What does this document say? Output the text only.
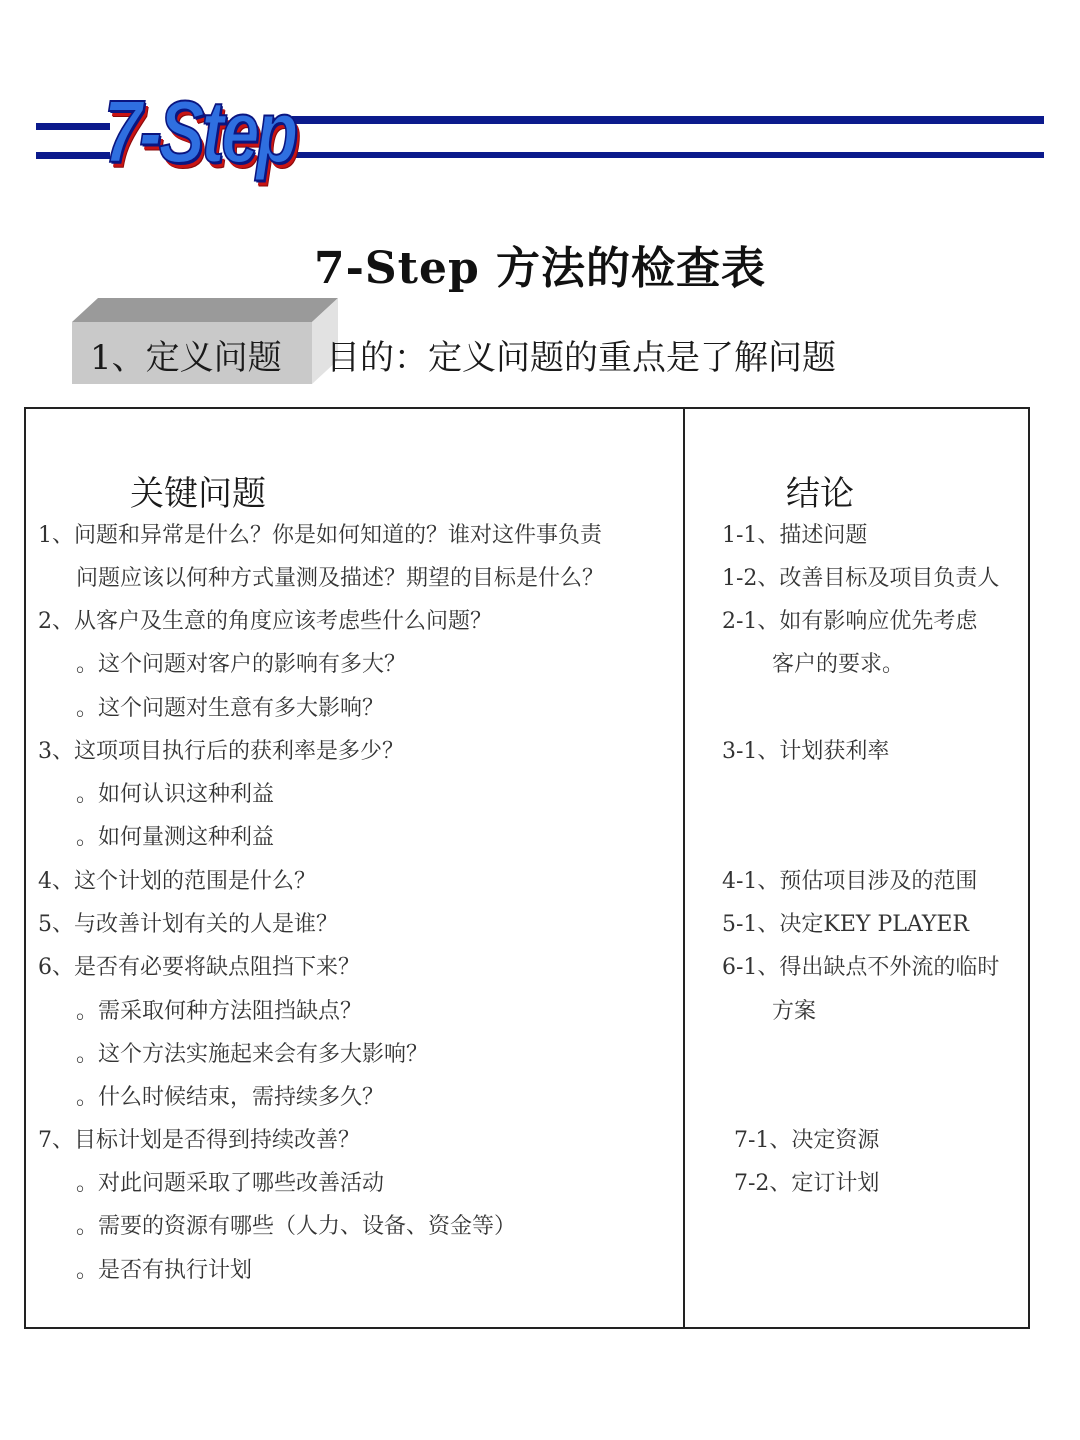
7-Step
7-Step 方法的检查表
1、定义问题 目的：定义问题的重点是了解问题
关键问题	结论
1、问题和异常是什么？你是如何知道的？谁对这件事负责
问题应该以何种方式量测及描述？期望的目标是什么？
2、从客户及生意的角度应该考虑些什么问题？
。这个问题对客户的影响有多大？
。这个问题对生意有多大影响？
3、这项项目执行后的获利率是多少？
。如何认识这种利益
。如何量测这种利益
4、这个计划的范围是什么？
5、与改善计划有关的人是谁？
6、是否有必要将缺点阻挡下来？
。需采取何种方法阻挡缺点？
。这个方法实施起来会有多大影响？
。什么时候结束，需持续多久？
7、目标计划是否得到持续改善？
。对此问题采取了哪些改善活动
。需要的资源有哪些（人力、设备、资金等）
。是否有执行计划
1-1、描述问题
1-2、改善目标及项目负责人
2-1、如有影响应优先考虑
客户的要求。
3-1、计划获利率
4-1、预估项目涉及的范围
5-1、决定KEY PLAYER
6-1、得出缺点不外流的临时
方案
7-1、决定资源
7-2、定订计划
